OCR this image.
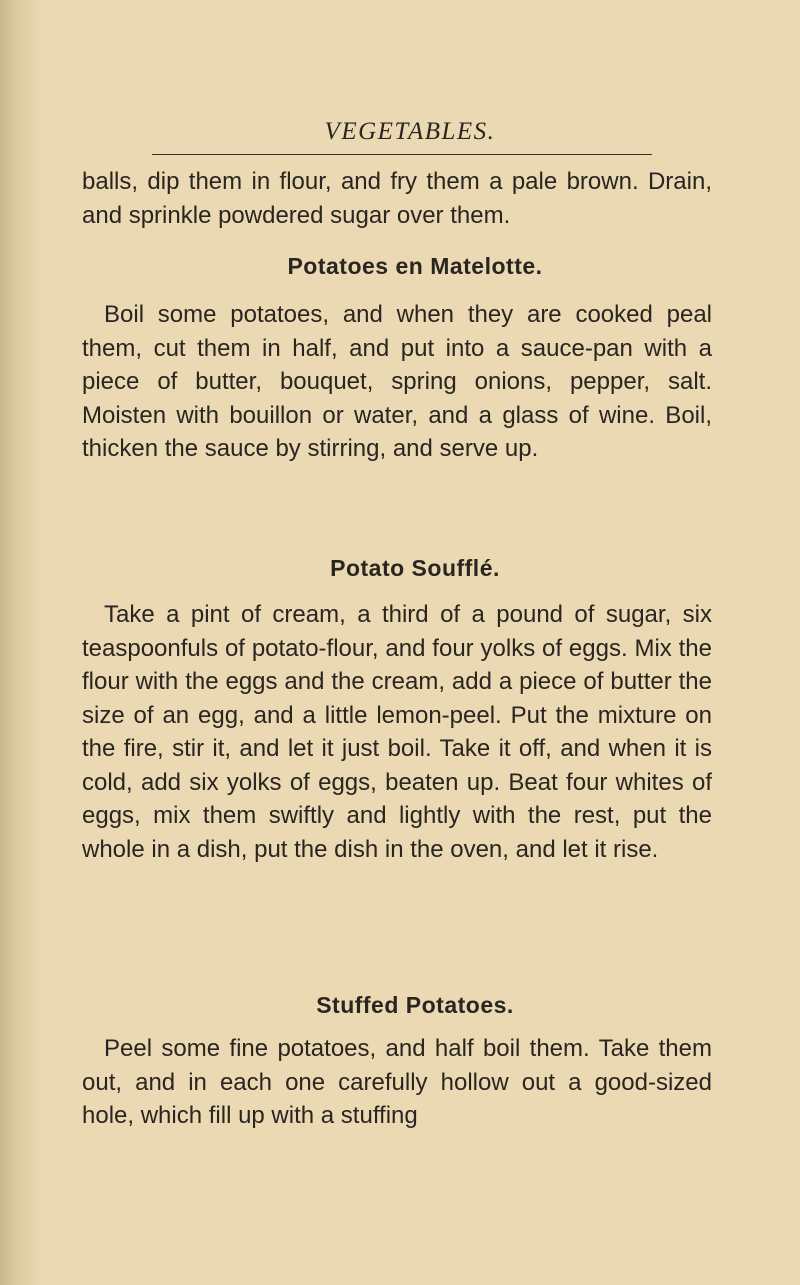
VEGETABLES.
balls, dip them in flour, and fry them a pale brown. Drain, and sprinkle powdered sugar over them.
Potatoes en Matelotte.
Boil some potatoes, and when they are cooked peal them, cut them in half, and put into a sauce-pan with a piece of butter, bouquet, spring onions, pepper, salt. Moisten with bouillon or water, and a glass of wine. Boil, thicken the sauce by stirring, and serve up.
Potato Soufflé.
Take a pint of cream, a third of a pound of sugar, six teaspoonfuls of potato-flour, and four yolks of eggs. Mix the flour with the eggs and the cream, add a piece of butter the size of an egg, and a little lemon-peel. Put the mixture on the fire, stir it, and let it just boil. Take it off, and when it is cold, add six yolks of eggs, beaten up. Beat four whites of eggs, mix them swiftly and lightly with the rest, put the whole in a dish, put the dish in the oven, and let it rise.
Stuffed Potatoes.
Peel some fine potatoes, and half boil them. Take them out, and in each one carefully hollow out a good-sized hole, which fill up with a stuffing
